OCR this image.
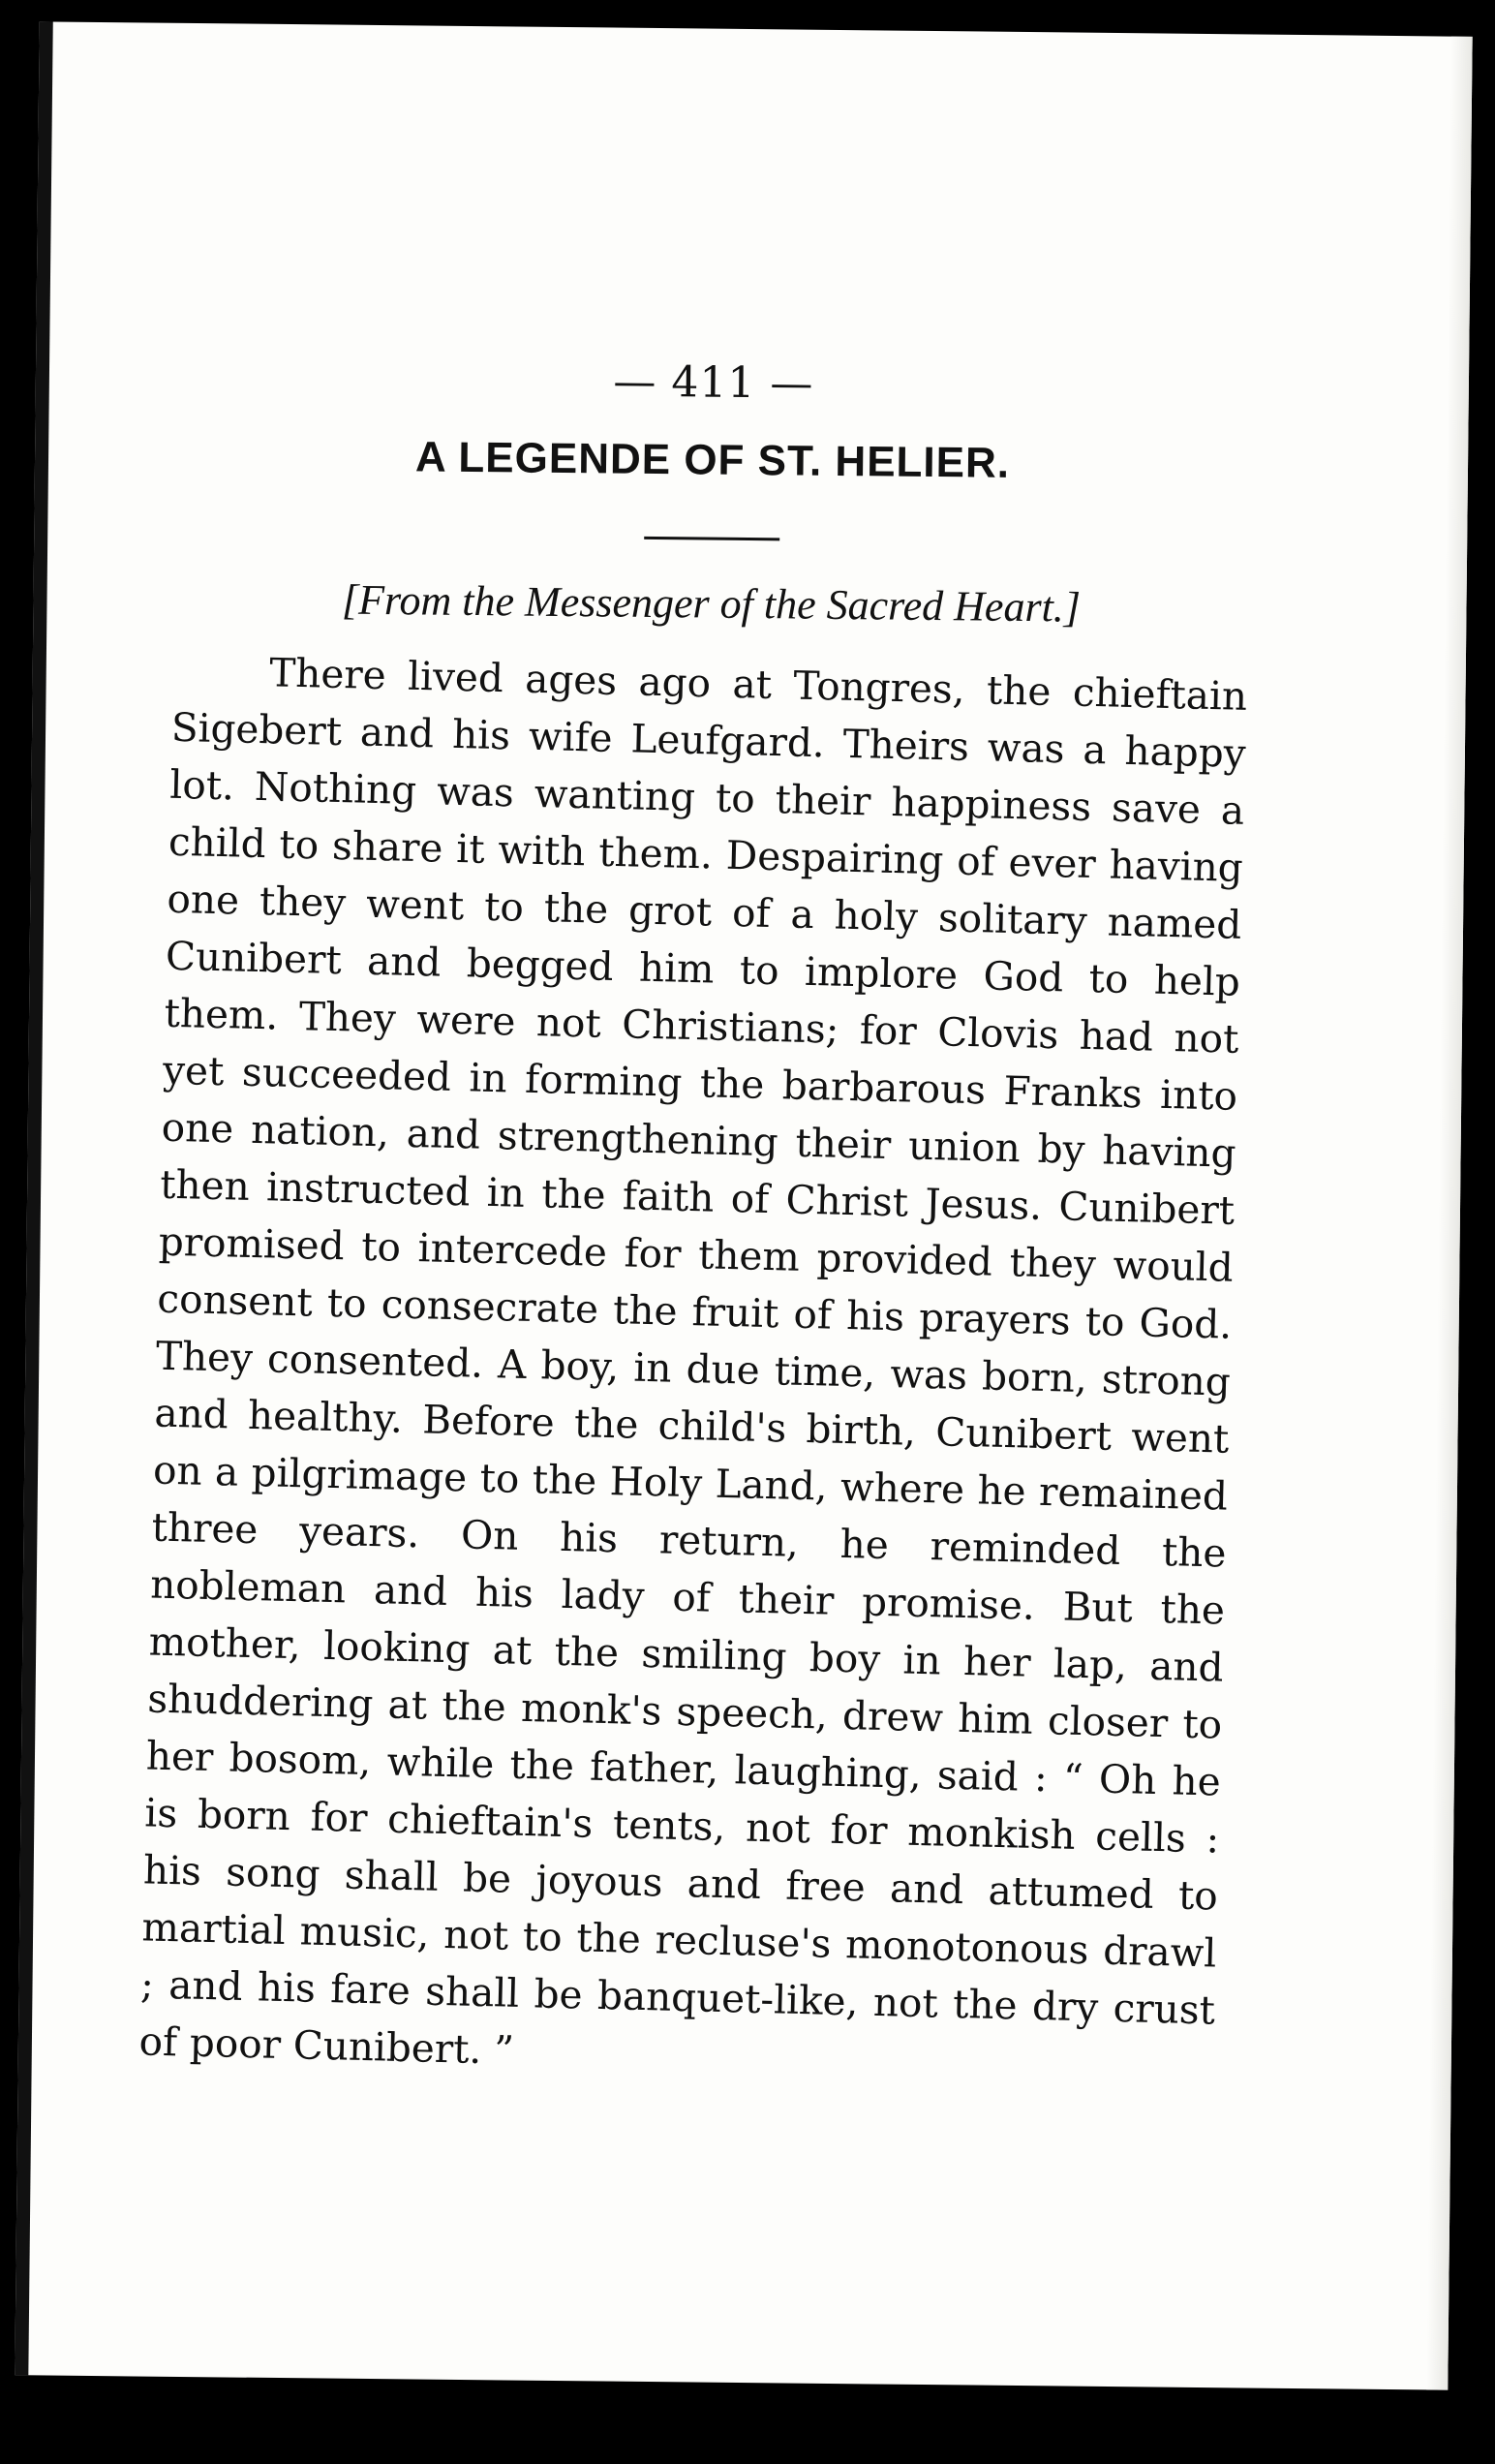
— 411 —
A LEGENDE OF ST. HELIER.
[From the Messenger of the Sacred Heart.]

There lived ages ago at Tongres, the chieftain Sigebert and his wife Leufgard. Theirs was a happy lot. Nothing was wanting to their happiness save a child to share it with them. Despairing of ever having one they went to the grot of a holy solitary named Cunibert and begged him to implore God to help them. They were not Christians; for Clovis had not yet succeeded in forming the barbarous Franks into one nation, and strengthening their union by having then instructed in the faith of Christ Jesus. Cunibert promised to intercede for them provided they would consent to consecrate the fruit of his prayers to God. They consented. A boy, in due time, was born, strong and healthy. Before the child's birth, Cunibert went on a pilgrimage to the Holy Land, where he remained three years. On his return, he reminded the nobleman and his lady of their promise. But the mother, looking at the smiling boy in her lap, and shuddering at the monk's speech, drew him closer to her bosom, while the father, laughing, said : “ Oh he is born for chieftain's tents, not for monkish cells : his song shall be joyous and free and attumed to martial music, not to the recluse's monotonous drawl ; and his fare shall be banquet-like, not the dry crust of poor Cunibert. ”
